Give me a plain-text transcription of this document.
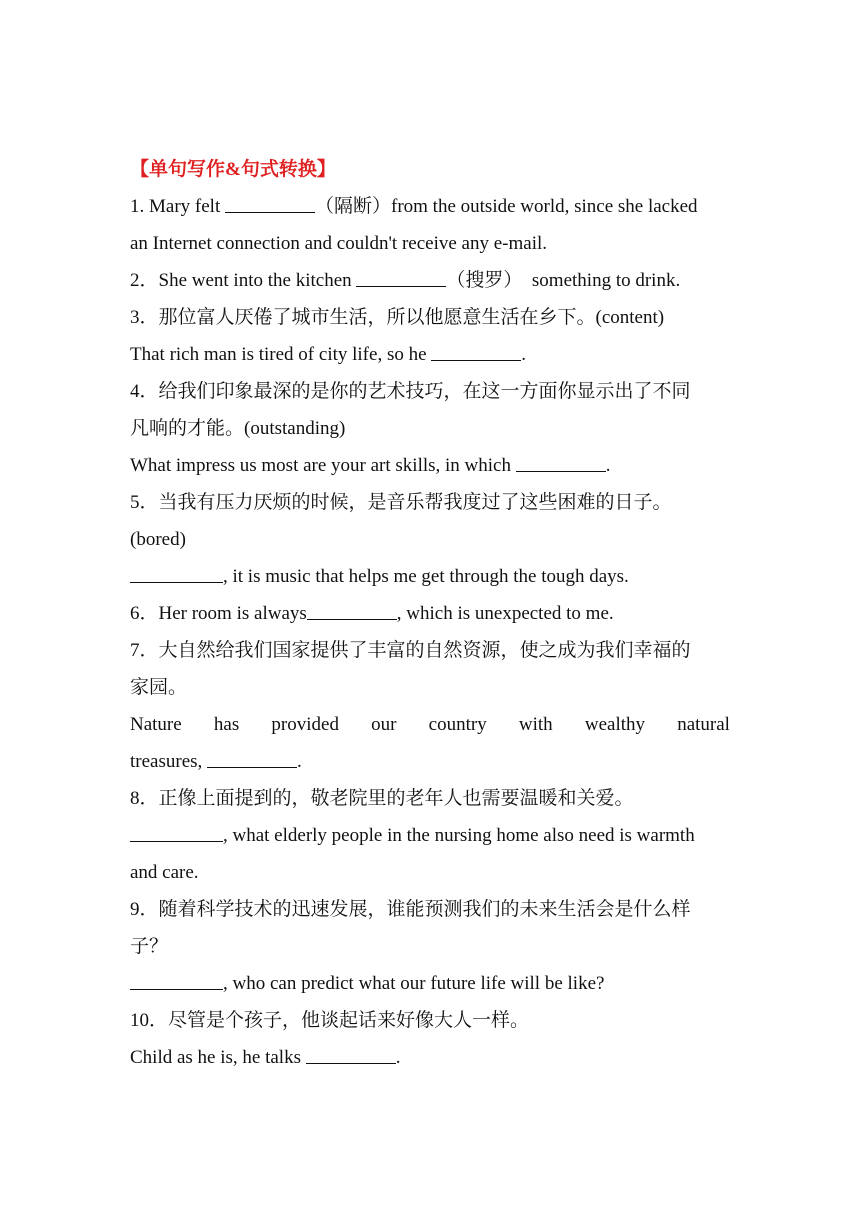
【单句写作&句式转换】
1. Mary felt	（隔断）from the outside world, since she lacked
an Internet connection and couldn't receive any e-mail.
2．She went into the kitchen	（搜罗）  something to drink.
3．那位富人厌倦了城市生活，所以他愿意生活在乡下。(content)
That rich man is tired of city life, so he	.
4．给我们印象最深的是你的艺术技巧，在这一方面你显示出了不同
凡响的才能。(outstanding)
What impress us most are your art skills, in which	.
5．当我有压力厌烦的时候，是音乐帮我度过了这些困难的日子。
(bored)
, it is music that helps me get through the tough days.
6．Her room is always	, which is unexpected to me.
7．大自然给我们国家提供了丰富的自然资源，使之成为我们幸福的
家园。
Nature has provided our country with wealthy natural
treasures,	.
8．正像上面提到的，敬老院里的老年人也需要温暖和关爱。
, what elderly people in the nursing home also need is warmth
and care.
9．随着科学技术的迅速发展，谁能预测我们的未来生活会是什么样
子？
, who can predict what our future life will be like?
10．尽管是个孩子，他谈起话来好像大人一样。
Child as he is, he talks	.
